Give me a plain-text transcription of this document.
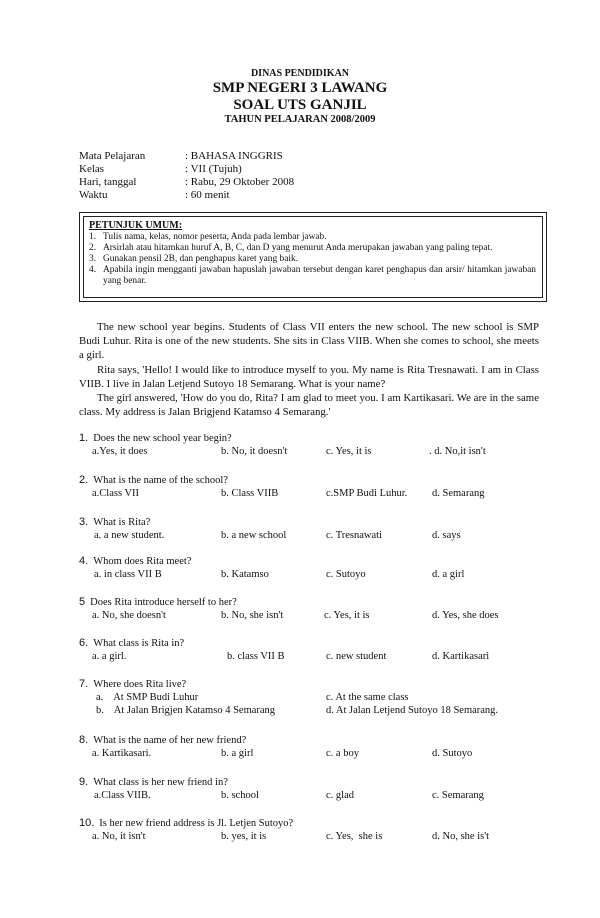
DINAS PENDIDIKAN
SMP NEGERI 3 LAWANG
SOAL UTS GANJIL
TAHUN PELAJARAN 2008/2009
Mata Pelajaran	: BAHASA INGGRIS
Kelas	: VII (Tujuh)
Hari, tanggal	: Rabu, 29 Oktober 2008
Waktu	: 60 menit
PETUNJUK UMUM:
1. Tulis nama, kelas, nomor peserta, Anda pada lembar jawab.
2. Arsirlah atau hitamkan huruf A, B, C, dan D yang menurut Anda merupakan jawaban yang paling tepat.
3. Gunakan pensil 2B, dan penghapus karet yang baik.
4. Apabila ingin mengganti jawaban hapuslah jawaban tersebut dengan karet penghapus dan arsir/ hitamkan jawaban yang benar.

The new school year begins. Students of Class VII enters the new school. The new school is SMP Budi Luhur. Rita is one of the new students. She sits in Class VIIB. When she comes to school, she meets a girl.

Rita says, 'Hello! I would like to introduce myself to you. My name is Rita Tresnawati. I am in Class VIIB. I live in Jalan Letjend Sutoyo 18 Semarang. What is your name?

The girl answered, 'How do you do, Rita? I am glad to meet you. I am Kartikasari. We are in the same class. My address is Jalan Brigjend Katamso 4 Semarang.'

1. Does the new school year begin?
a.Yes, it does	b. No, it doesn't	c. Yes, it is	. d. No,it isn't
2. What is the name of the school?
a.Class VII	b. Class VIIB	c.SMP Budi Luhur. d. Semarang
3. What is Rita?
a. a new student.	b. a new school	c. Tresnawati	d. says
4. Whom does Rita meet?
a. in class VII B	b. Katamso	c. Sutoyo	d. a girl
5 Does Rita introduce herself to her?
a. No, she doesn't	b. No, she isn't	c. Yes, it is	d. Yes, she does
6. What class is Rita in?
a. a girl.	b. class VII B	c. new student	d. Kartikasari
7. Where does Rita live?
a.    At SMP Budi Luhur	c. At the same class
b.    At Jalan Brigjen Katamso 4 Semarang	d. At Jalan Letjend Sutoyo 18 Semarang.
8. What is the name of her new friend?
a. Kartikasari.	b. a girl	c. a boy	d. Sutoyo
9. What class is her new friend in?
a.Class VIIB.	b. school	c. glad	c. Semarang
10. Is her new friend address is Jl. Letjen Sutoyo?
a. No, it isn't	b. yes, it is	c. Yes,  she is	d. No, she is't
